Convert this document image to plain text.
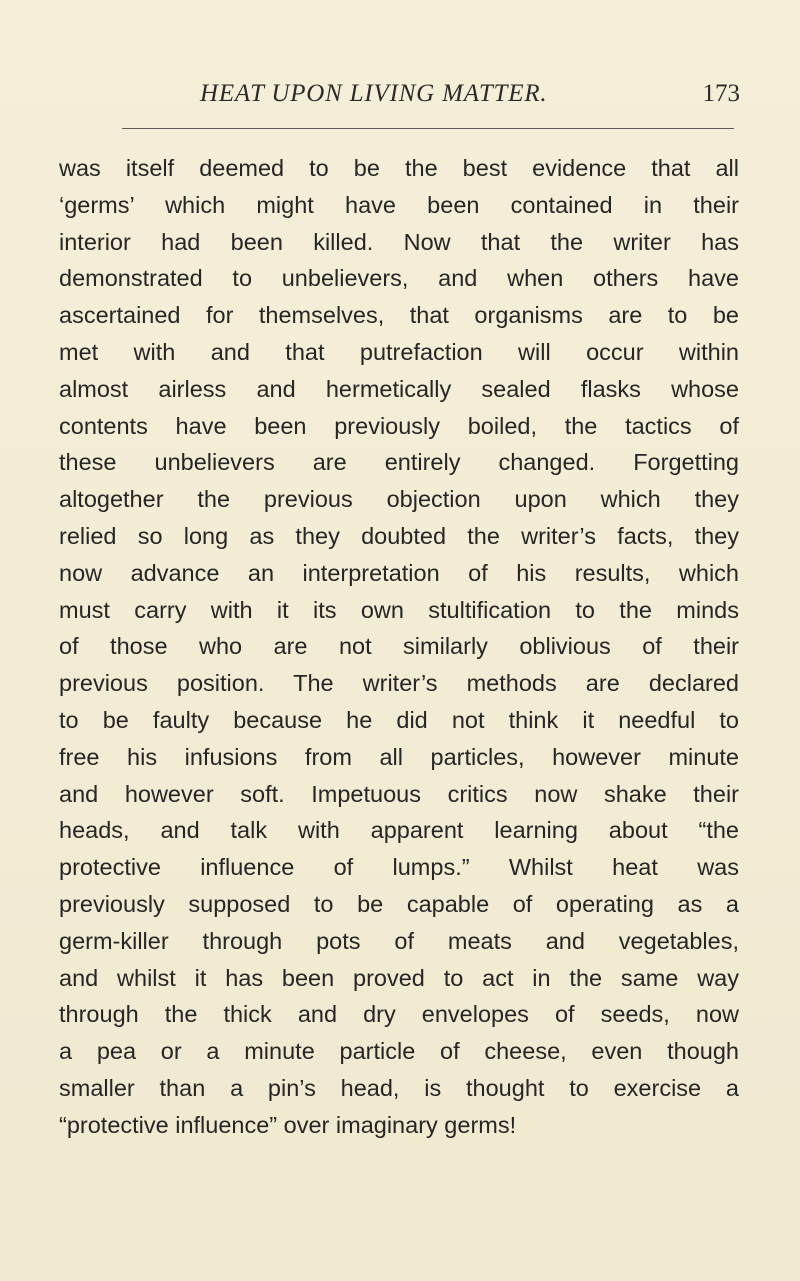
HEAT UPON LIVING MATTER.	173
was itself deemed to be the best evidence that all
‘germs’ which might have been contained in their
interior had been killed. Now that the writer has
demonstrated to unbelievers, and when others have
ascertained for themselves, that organisms are to be
met with and that putrefaction will occur within
almost airless and hermetically sealed flasks whose
contents have been previously boiled, the tactics of
these unbelievers are entirely changed. Forgetting
altogether the previous objection upon which they
relied so long as they doubted the writer’s facts, they
now advance an interpretation of his results, which
must carry with it its own stultification to the minds
of those who are not similarly oblivious of their
previous position. The writer’s methods are declared
to be faulty because he did not think it needful to
free his infusions from all particles, however minute
and however soft. Impetuous critics now shake their
heads, and talk with apparent learning about “the
protective influence of lumps.” Whilst heat was
previously supposed to be capable of operating as a
germ-killer through pots of meats and vegetables,
and whilst it has been proved to act in the same way
through the thick and dry envelopes of seeds, now
a pea or a minute particle of cheese, even though
smaller than a pin’s head, is thought to exercise a
“protective influence” over imaginary germs!
